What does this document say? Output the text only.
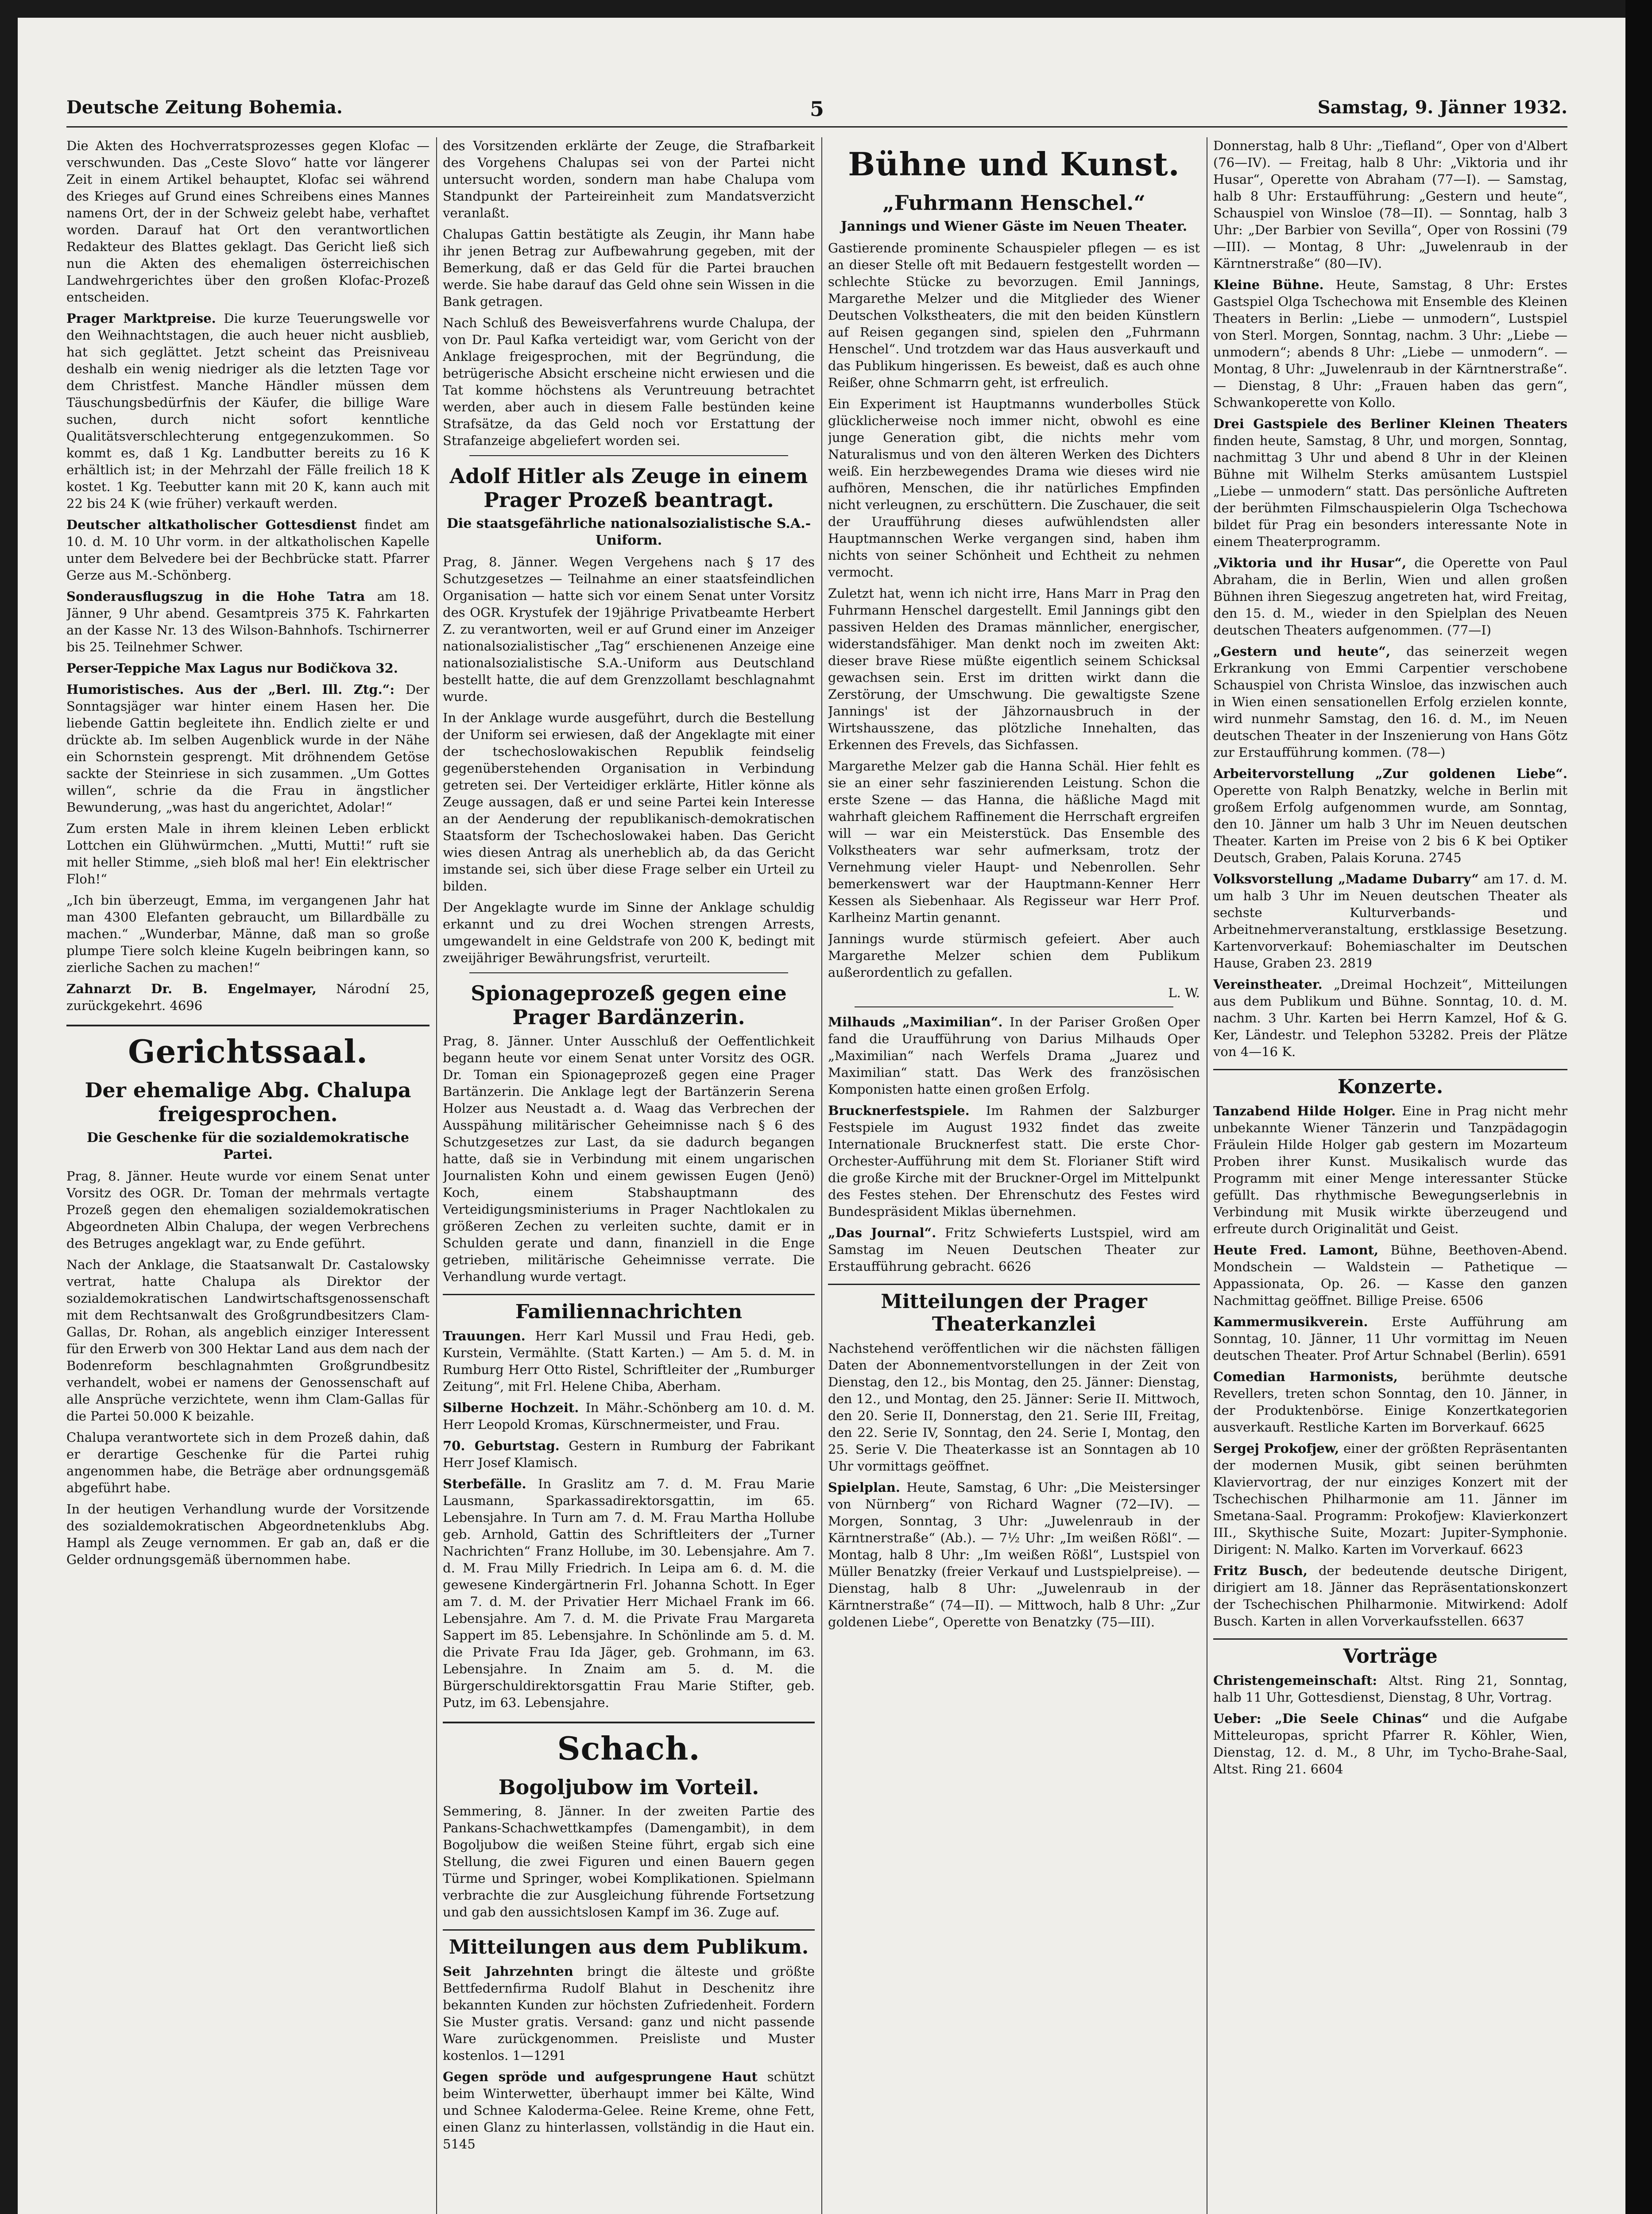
Deutsche Zeitung Bohemia.	5	Samstag, 9. Jänner 1932.

Die Akten des Hochverratsprozesses gegen Klofac — verschwunden. Das „Ceste Slovo“ hatte vor längerer Zeit in einem Artikel behauptet, Klofac sei während des Krieges auf Grund eines Schreibens eines Mannes namens Ort, der in der Schweiz gelebt habe, verhaftet worden. Darauf hat Ort den verantwortlichen Redakteur des Blattes geklagt. Das Gericht ließ sich nun die Akten des ehemaligen österreichischen Landwehrgerichtes über den großen Klofac-Prozeß entscheiden.

Prager Marktpreise. Die kurze Teuerungswelle vor den Weihnachtstagen, die auch heuer nicht ausblieb, hat sich geglättet. Jetzt scheint das Preisniveau deshalb ein wenig niedriger als die letzten Tage vor dem Christfest. Manche Händler müssen dem Täuschungsbedürfnis der Käufer, die billige Ware suchen, durch nicht sofort kenntliche Qualitätsverschlechterung entgegenzukommen. So kommt es, daß 1 Kg. Landbutter bereits zu 16 K erhältlich ist; in der Mehrzahl der Fälle freilich 18 K kostet. 1 Kg. Teebutter kann mit 20 K, kann auch mit 22 bis 24 K (wie früher) verkauft werden.

Deutscher altkatholischer Gottesdienst findet am 10. d. M. 10 Uhr vorm. in der altkatholischen Kapelle unter dem Belvedere bei der Bechbrücke statt. Pfarrer Gerze aus M.-Schönberg.

Sonderausflugszug in die Hohe Tatra am 18. Jänner, 9 Uhr abend. Gesamtpreis 375 K. Fahrkarten an der Kasse Nr. 13 des Wilson-Bahnhofs. Tschirnerrer bis 25. Teilnehmer Schwer.

Perser-Teppiche Max Lagus nur Bodičkova 32.

Humoristisches. Aus der „Berl. Ill. Ztg.“: Der Sonntagsjäger war hinter einem Hasen her. Die liebende Gattin begleitete ihn. Endlich zielte er und drückte ab. Im selben Augenblick wurde in der Nähe ein Schornstein gesprengt. Mit dröhnendem Getöse sackte der Steinriese in sich zusammen. „Um Gottes willen“, schrie da die Frau in ängstlicher Bewunderung, „was hast du angerichtet, Adolar!“

Zum ersten Male in ihrem kleinen Leben erblickt Lottchen ein Glühwürmchen. „Mutti, Mutti!“ ruft sie mit heller Stimme, „sieh bloß mal her! Ein elektrischer Floh!“

„Ich bin überzeugt, Emma, im vergangenen Jahr hat man 4300 Elefanten gebraucht, um Billardbälle zu machen.“ „Wunderbar, Männe, daß man so große plumpe Tiere solch kleine Kugeln beibringen kann, so zierliche Sachen zu machen!“

Zahnarzt Dr. B. Engelmayer, Národní 25, zurückgekehrt. 4696

Gerichtssaal.
Der ehemalige Abg. Chalupa freigesprochen.
Die Geschenke für die sozialdemokratische Partei.

Prag, 8. Jänner. Heute wurde vor einem Senat unter Vorsitz des OGR. Dr. Toman der mehrmals vertagte Prozeß gegen den ehemaligen sozialdemokratischen Abgeordneten Albin Chalupa, der wegen Verbrechens des Betruges angeklagt war, zu Ende geführt.

Nach der Anklage, die Staatsanwalt Dr. Castalowsky vertrat, hatte Chalupa als Direktor der sozialdemokratischen Landwirtschaftsgenossenschaft mit dem Rechtsanwalt des Großgrundbesitzers Clam-Gallas, Dr. Rohan, als angeblich einziger Interessent für den Erwerb von 300 Hektar Land aus dem nach der Bodenreform beschlagnahmten Großgrundbesitz verhandelt, wobei er namens der Genossenschaft auf alle Ansprüche verzichtete, wenn ihm Clam-Gallas für die Partei 50.000 K beizahle.

Chalupa verantwortete sich in dem Prozeß dahin, daß er derartige Geschenke für die Partei ruhig angenommen habe, die Beträge aber ordnungsgemäß abgeführt habe.

In der heutigen Verhandlung wurde der Vorsitzende des sozialdemokratischen Abgeordnetenklubs Abg. Hampl als Zeuge vernommen. Er gab an, daß er die Gelder ordnungsgemäß übernommen habe.

des Vorsitzenden erklärte der Zeuge, die Strafbarkeit des Vorgehens Chalupas sei von der Partei nicht untersucht worden, sondern man habe Chalupa vom Standpunkt der Parteireinheit zum Mandatsverzicht veranlaßt.

Chalupas Gattin bestätigte als Zeugin, ihr Mann habe ihr jenen Betrag zur Aufbewahrung gegeben, mit der Bemerkung, daß er das Geld für die Partei brauchen werde. Sie habe darauf das Geld ohne sein Wissen in die Bank getragen.

Nach Schluß des Beweisverfahrens wurde Chalupa, der von Dr. Paul Kafka verteidigt war, vom Gericht von der Anklage freigesprochen, mit der Begründung, die betrügerische Absicht erscheine nicht erwiesen und die Tat komme höchstens als Veruntreuung betrachtet werden, aber auch in diesem Falle bestünden keine Strafsätze, da das Geld noch vor Erstattung der Strafanzeige abgeliefert worden sei.

Adolf Hitler als Zeuge in einem Prager Prozeß beantragt.
Die staatsgefährliche nationalsozialistische S.A.-Uniform.

Prag, 8. Jänner. Wegen Vergehens nach § 17 des Schutzgesetzes — Teilnahme an einer staatsfeindlichen Organisation — hatte sich vor einem Senat unter Vorsitz des OGR. Krystufek der 19jährige Privatbeamte Herbert Z. zu verantworten, weil er auf Grund einer im Anzeiger nationalsozialistischer „Tag“ erschienenen Anzeige eine nationalsozialistische S.A.-Uniform aus Deutschland bestellt hatte, die auf dem Grenzzollamt beschlagnahmt wurde.

In der Anklage wurde ausgeführt, durch die Bestellung der Uniform sei erwiesen, daß der Angeklagte mit einer der tschechoslowakischen Republik feindselig gegenüberstehenden Organisation in Verbindung getreten sei. Der Verteidiger erklärte, Hitler könne als Zeuge aussagen, daß er und seine Partei kein Interesse an der Aenderung der republikanisch-demokratischen Staatsform der Tschechoslowakei haben. Das Gericht wies diesen Antrag als unerheblich ab, da das Gericht imstande sei, sich über diese Frage selber ein Urteil zu bilden.

Der Angeklagte wurde im Sinne der Anklage schuldig erkannt und zu drei Wochen strengen Arrests, umgewandelt in eine Geldstrafe von 200 K, bedingt mit zweijähriger Bewährungsfrist, verurteilt.

Spionageprozeß gegen eine Prager Bardänzerin.

Prag, 8. Jänner. Unter Ausschluß der Oeffentlichkeit begann heute vor einem Senat unter Vorsitz des OGR. Dr. Toman ein Spionageprozeß gegen eine Prager Bartänzerin. Die Anklage legt der Bartänzerin Serena Holzer aus Neustadt a. d. Waag das Verbrechen der Ausspähung militärischer Geheimnisse nach § 6 des Schutzgesetzes zur Last, da sie dadurch begangen hatte, daß sie in Verbindung mit einem ungarischen Journalisten Kohn und einem gewissen Eugen (Jenö) Koch, einem Stabshauptmann des Verteidigungsministeriums in Prager Nachtlokalen zu größeren Zechen zu verleiten suchte, damit er in Schulden gerate und dann, finanziell in die Enge getrieben, militärische Geheimnisse verrate. Die Verhandlung wurde vertagt.

Familiennachrichten

Trauungen. Herr Karl Mussil und Frau Hedi, geb. Kurstein, Vermählte. (Statt Karten.) — Am 5. d. M. in Rumburg Herr Otto Ristel, Schriftleiter der „Rumburger Zeitung“, mit Frl. Helene Chiba, Aberham.

Silberne Hochzeit. In Mähr.-Schönberg am 10. d. M. Herr Leopold Kromas, Kürschnermeister, und Frau.

70. Geburtstag. Gestern in Rumburg der Fabrikant Herr Josef Klamisch.

Sterbefälle. In Graslitz am 7. d. M. Frau Marie Lausmann, Sparkassadirektorsgattin, im 65. Lebensjahre. In Turn am 7. d. M. Frau Martha Hollube geb. Arnhold, Gattin des Schriftleiters der „Turner Nachrichten“ Franz Hollube, im 30. Lebensjahre. Am 7. d. M. Frau Milly Friedrich. In Leipa am 6. d. M. die gewesene Kindergärtnerin Frl. Johanna Schott. In Eger am 7. d. M. der Privatier Herr Michael Frank im 66. Lebensjahre. Am 7. d. M. die Private Frau Margareta Sappert im 85. Lebensjahre. In Schönlinde am 5. d. M. die Private Frau Ida Jäger, geb. Grohmann, im 63. Lebensjahre. In Znaim am 5. d. M. die Bürgerschuldirektorsgattin Frau Marie Stifter, geb. Putz, im 63. Lebensjahre.

Schach.
Bogoljubow im Vorteil.

Semmering, 8. Jänner. In der zweiten Partie des Pankans-Schachwettkampfes (Damengambit), in dem Bogoljubow die weißen Steine führt, ergab sich eine Stellung, die zwei Figuren und einen Bauern gegen Türme und Springer, wobei Komplikationen. Spielmann verbrachte die zur Ausgleichung führende Fortsetzung und gab den aussichtslosen Kampf im 36. Zuge auf.

Mitteilungen aus dem Publikum.

Seit Jahrzehnten bringt die älteste und größte Bettfedernfirma Rudolf Blahut in Deschenitz ihre bekannten Kunden zur höchsten Zufriedenheit. Fordern Sie Muster gratis. Versand: ganz und nicht passende Ware zurückgenommen. Preisliste und Muster kostenlos. 1—1291

Gegen spröde und aufgesprungene Haut schützt beim Winterwetter, überhaupt immer bei Kälte, Wind und Schnee Kaloderma-Gelee. Reine Kreme, ohne Fett, einen Glanz zu hinterlassen, vollständig in die Haut ein. 5145

Bühne und Kunst.
„Fuhrmann Henschel.“
Jannings und Wiener Gäste im Neuen Theater.

Gastierende prominente Schauspieler pflegen — es ist an dieser Stelle oft mit Bedauern festgestellt worden — schlechte Stücke zu bevorzugen. Emil Jannings, Margarethe Melzer und die Mitglieder des Wiener Deutschen Volkstheaters, die mit den beiden Künstlern auf Reisen gegangen sind, spielen den „Fuhrmann Henschel“. Und trotzdem war das Haus ausverkauft und das Publikum hingerissen. Es beweist, daß es auch ohne Reißer, ohne Schmarrn geht, ist erfreulich.

Ein Experiment ist Hauptmanns wunderbolles Stück glücklicherweise noch immer nicht, obwohl es eine junge Generation gibt, die nichts mehr vom Naturalismus und von den älteren Werken des Dichters weiß. Ein herzbewegendes Drama wie dieses wird nie aufhören, Menschen, die ihr natürliches Empfinden nicht verleugnen, zu erschüttern. Die Zuschauer, die seit der Uraufführung dieses aufwühlendsten aller Hauptmannschen Werke vergangen sind, haben ihm nichts von seiner Schönheit und Echtheit zu nehmen vermocht.

Zuletzt hat, wenn ich nicht irre, Hans Marr in Prag den Fuhrmann Henschel dargestellt. Emil Jannings gibt den passiven Helden des Dramas männlicher, energischer, widerstandsfähiger. Man denkt noch im zweiten Akt: dieser brave Riese müßte eigentlich seinem Schicksal gewachsen sein. Erst im dritten wirkt dann die Zerstörung, der Umschwung. Die gewaltigste Szene Jannings' ist der Jähzornausbruch in der Wirtshausszene, das plötzliche Innehalten, das Erkennen des Frevels, das Sichfassen.

Margarethe Melzer gab die Hanna Schäl. Hier fehlt es sie an einer sehr faszinierenden Leistung. Schon die erste Szene — das Hanna, die häßliche Magd mit wahrhaft gleichem Raffinement die Herrschaft ergreifen will — war ein Meisterstück. Das Ensemble des Volkstheaters war sehr aufmerksam, trotz der Vernehmung vieler Haupt- und Nebenrollen. Sehr bemerkenswert war der Hauptmann-Kenner Herr Kessen als Siebenhaar. Als Regisseur war Herr Prof. Karlheinz Martin genannt.

Jannings wurde stürmisch gefeiert. Aber auch Margarethe Melzer schien dem Publikum außerordentlich zu gefallen.

L. W.

Milhauds „Maximilian“. In der Pariser Großen Oper fand die Uraufführung von Darius Milhauds Oper „Maximilian“ nach Werfels Drama „Juarez und Maximilian“ statt. Das Werk des französischen Komponisten hatte einen großen Erfolg.

Brucknerfestspiele. Im Rahmen der Salzburger Festspiele im August 1932 findet das zweite Internationale Brucknerfest statt. Die erste Chor-Orchester-Aufführung mit dem St. Florianer Stift wird die große Kirche mit der Bruckner-Orgel im Mittelpunkt des Festes stehen. Der Ehrenschutz des Festes wird Bundespräsident Miklas übernehmen.

„Das Journal“. Fritz Schwieferts Lustspiel, wird am Samstag im Neuen Deutschen Theater zur Erstaufführung gebracht. 6626

Mitteilungen der Prager Theaterkanzlei

Nachstehend veröffentlichen wir die nächsten fälligen Daten der Abonnementvorstellungen in der Zeit von Dienstag, den 12., bis Montag, den 25. Jänner: Dienstag, den 12., und Montag, den 25. Jänner: Serie II. Mittwoch, den 20. Serie II, Donnerstag, den 21. Serie III, Freitag, den 22. Serie IV, Sonntag, den 24. Serie I, Montag, den 25. Serie V. Die Theaterkasse ist an Sonntagen ab 10 Uhr vormittags geöffnet.

Spielplan. Heute, Samstag, 6 Uhr: „Die Meistersinger von Nürnberg“ von Richard Wagner (72—IV). — Morgen, Sonntag, 3 Uhr: „Juwelenraub in der Kärntnerstraße“ (Ab.). — 7½ Uhr: „Im weißen Rößl“. — Montag, halb 8 Uhr: „Im weißen Rößl“, Lustspiel von Müller Benatzky (freier Verkauf und Lustspielpreise). — Dienstag, halb 8 Uhr: „Juwelenraub in der Kärntnerstraße“ (74—II). — Mittwoch, halb 8 Uhr: „Zur goldenen Liebe“, Operette von Benatzky (75—III).

Donnerstag, halb 8 Uhr: „Tiefland“, Oper von d'Albert (76—IV). — Freitag, halb 8 Uhr: „Viktoria und ihr Husar“, Operette von Abraham (77—I). — Samstag, halb 8 Uhr: Erstaufführung: „Gestern und heute“, Schauspiel von Winsloe (78—II). — Sonntag, halb 3 Uhr: „Der Barbier von Sevilla“, Oper von Rossini (79—III). — Montag, 8 Uhr: „Juwelenraub in der Kärntnerstraße“ (80—IV).

Kleine Bühne. Heute, Samstag, 8 Uhr: Erstes Gastspiel Olga Tschechowa mit Ensemble des Kleinen Theaters in Berlin: „Liebe — unmodern“, Lustspiel von Sterl. Morgen, Sonntag, nachm. 3 Uhr: „Liebe — unmodern“; abends 8 Uhr: „Liebe — unmodern“. — Montag, 8 Uhr: „Juwelenraub in der Kärntnerstraße“. — Dienstag, 8 Uhr: „Frauen haben das gern“, Schwankoperette von Kollo.

Drei Gastspiele des Berliner Kleinen Theaters finden heute, Samstag, 8 Uhr, und morgen, Sonntag, nachmittag 3 Uhr und abend 8 Uhr in der Kleinen Bühne mit Wilhelm Sterks amüsantem Lustspiel „Liebe — unmodern“ statt. Das persönliche Auftreten der berühmten Filmschauspielerin Olga Tschechowa bildet für Prag ein besonders interessante Note in einem Theaterprogramm.

„Viktoria und ihr Husar“, die Operette von Paul Abraham, die in Berlin, Wien und allen großen Bühnen ihren Siegeszug angetreten hat, wird Freitag, den 15. d. M., wieder in den Spielplan des Neuen deutschen Theaters aufgenommen. (77—I)

„Gestern und heute“, das seinerzeit wegen Erkrankung von Emmi Carpentier verschobene Schauspiel von Christa Winsloe, das inzwischen auch in Wien einen sensationellen Erfolg erzielen konnte, wird nunmehr Samstag, den 16. d. M., im Neuen deutschen Theater in der Inszenierung von Hans Götz zur Erstaufführung kommen. (78—)

Arbeitervorstellung „Zur goldenen Liebe“. Operette von Ralph Benatzky, welche in Berlin mit großem Erfolg aufgenommen wurde, am Sonntag, den 10. Jänner um halb 3 Uhr im Neuen deutschen Theater. Karten im Preise von 2 bis 6 K bei Optiker Deutsch, Graben, Palais Koruna. 2745

Volksvorstellung „Madame Dubarry“ am 17. d. M. um halb 3 Uhr im Neuen deutschen Theater als sechste Kulturverbands- und Arbeitnehmerveranstaltung, erstklassige Besetzung. Kartenvorverkauf: Bohemiaschalter im Deutschen Hause, Graben 23. 2819

Vereinstheater. „Dreimal Hochzeit“, Mitteilungen aus dem Publikum und Bühne. Sonntag, 10. d. M. nachm. 3 Uhr. Karten bei Herrn Kamzel, Hof & G. Ker, Ländestr. und Telephon 53282. Preis der Plätze von 4—16 K.

Konzerte.

Tanzabend Hilde Holger. Eine in Prag nicht mehr unbekannte Wiener Tänzerin und Tanzpädagogin Fräulein Hilde Holger gab gestern im Mozarteum Proben ihrer Kunst. Musikalisch wurde das Programm mit einer Menge interessanter Stücke gefüllt. Das rhythmische Bewegungserlebnis in Verbindung mit Musik wirkte überzeugend und erfreute durch Originalität und Geist.

Heute Fred. Lamont, Bühne, Beethoven-Abend. Mondschein — Waldstein — Pathetique — Appassionata, Op. 26. — Kasse den ganzen Nachmittag geöffnet. Billige Preise. 6506

Kammermusikverein. Erste Aufführung am Sonntag, 10. Jänner, 11 Uhr vormittag im Neuen deutschen Theater. Prof Artur Schnabel (Berlin). 6591

Comedian Harmonists, berühmte deutsche Revellers, treten schon Sonntag, den 10. Jänner, in der Produktenbörse. Einige Konzertkategorien ausverkauft. Restliche Karten im Borverkauf. 6625

Sergej Prokofjew, einer der größten Repräsentanten der modernen Musik, gibt seinen berühmten Klaviervortrag, der nur einziges Konzert mit der Tschechischen Philharmonie am 11. Jänner im Smetana-Saal. Programm: Prokofjew: Klavierkonzert III., Skythische Suite, Mozart: Jupiter-Symphonie. Dirigent: N. Malko. Karten im Vorverkauf. 6623

Fritz Busch, der bedeutende deutsche Dirigent, dirigiert am 18. Jänner das Repräsentationskonzert der Tschechischen Philharmonie. Mitwirkend: Adolf Busch. Karten in allen Vorverkaufsstellen. 6637

Vorträge

Christengemeinschaft: Altst. Ring 21, Sonntag, halb 11 Uhr, Gottesdienst, Dienstag, 8 Uhr, Vortrag.

Ueber: „Die Seele Chinas“ und die Aufgabe Mitteleuropas, spricht Pfarrer R. Köhler, Wien, Dienstag, 12. d. M., 8 Uhr, im Tycho-Brahe-Saal, Altst. Ring 21. 6604
